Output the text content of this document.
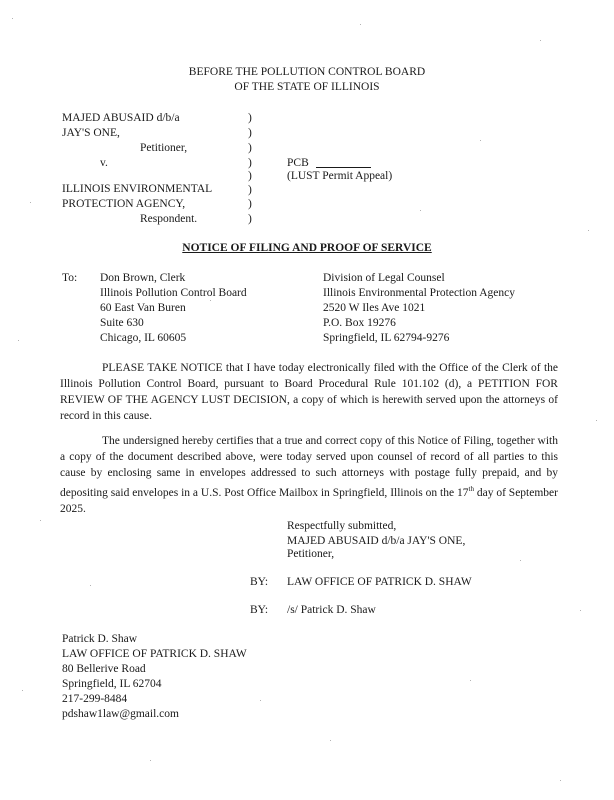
BEFORE THE POLLUTION CONTROL BOARD
OF THE STATE OF ILLINOIS
MAJED ABUSAID d/b/a
JAY'S ONE,
Petitioner,
v.
ILLINOIS ENVIRONMENTAL
PROTECTION AGENCY,
Respondent.
)
)
)
)
)
)
)
)
PCB
(LUST Permit Appeal)
NOTICE OF FILING AND PROOF OF SERVICE
To: Don Brown, Clerk
Illinois Pollution Control Board
60 East Van Buren
Suite 630
Chicago, IL 60605
Division of Legal Counsel
Illinois Environmental Protection Agency
2520 W Iles Ave 1021
P.O. Box 19276
Springfield, IL 62794-9276
PLEASE TAKE NOTICE that I have today electronically filed with the Office of the Clerk of the Illinois Pollution Control Board, pursuant to Board Procedural Rule 101.102 (d), a PETITION FOR REVIEW OF THE AGENCY LUST DECISION, a copy of which is herewith served upon the attorneys of record in this cause.
The undersigned hereby certifies that a true and correct copy of this Notice of Filing, together with a copy of the document described above, were today served upon counsel of record of all parties to this cause by enclosing same in envelopes addressed to such attorneys with postage fully prepaid, and by depositing said envelopes in a U.S. Post Office Mailbox in Springfield, Illinois on the 17th day of September 2025.
Respectfully submitted,
MAJED ABUSAID d/b/a JAY'S ONE,
Petitioner,
BY: LAW OFFICE OF PATRICK D. SHAW
BY: /s/ Patrick D. Shaw
Patrick D. Shaw
LAW OFFICE OF PATRICK D. SHAW
80 Bellerive Road
Springfield, IL 62704
217-299-8484
pdshaw1law@gmail.com
